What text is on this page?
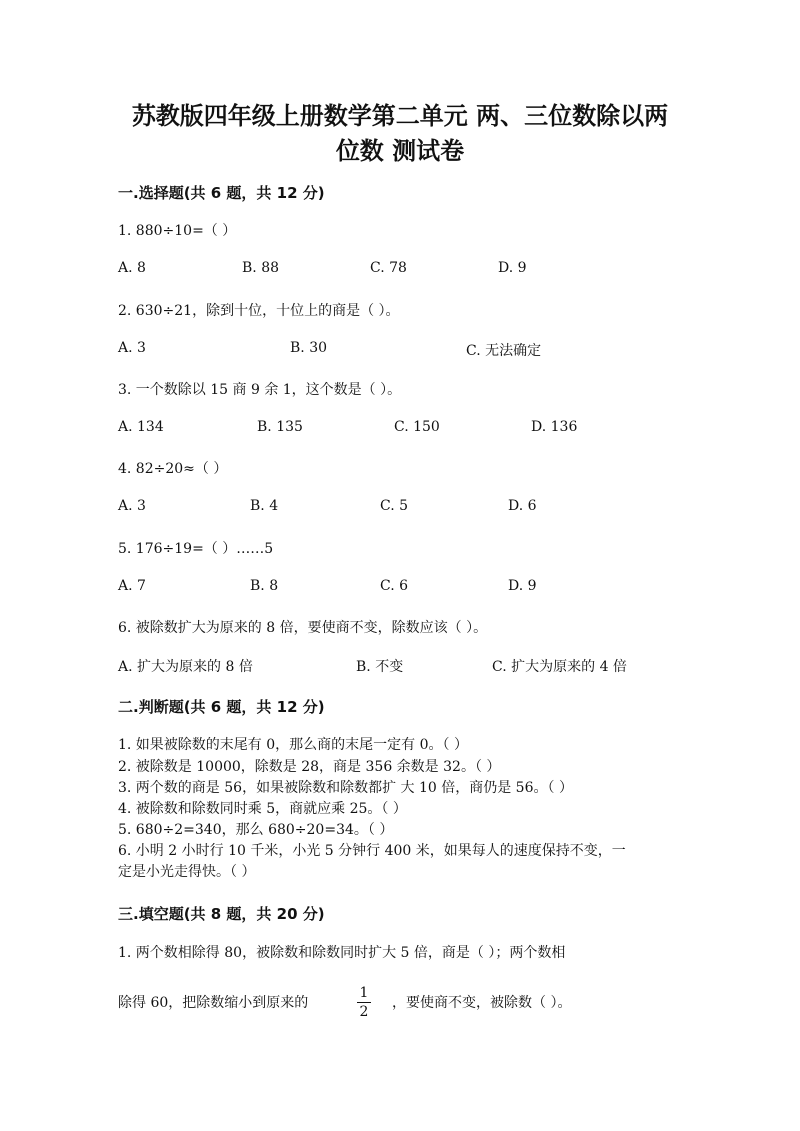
苏教版四年级上册数学第二单元 两、三位数除以两
位数 测试卷
一.选择题(共 6 题，共 12 分)
1. 880÷10=（ ）
A. 8	B. 88	C. 78	D. 9
2. 630÷21，除到十位，十位上的商是（ ）。
A. 3	B. 30	C. 无法确定
3. 一个数除以 15 商 9 余 1，这个数是（ ）。
A. 134	B. 135	C. 150	D. 136
4. 82÷20≈（ ）
A. 3	B. 4	C. 5	D. 6
5. 176÷19=（ ）……5
A. 7	B. 8	C. 6	D. 9
6. 被除数扩大为原来的 8 倍，要使商不变，除数应该（ ）。
A. 扩大为原来的 8 倍	B. 不变	C. 扩大为原来的 4 倍
二.判断题(共 6 题，共 12 分)
1. 如果被除数的末尾有 0，那么商的末尾一定有 0。（ ）
2. 被除数是 10000，除数是 28，商是 356 余数是 32。（ ）
3. 两个数的商是 56，如果被除数和除数都扩 大 10 倍，商仍是 56。（ ）
4. 被除数和除数同时乘 5，商就应乘 25。（ ）
5. 680÷2=340，那么 680÷20=34。（ ）
6. 小明 2 小时行 10 千米，小光 5 分钟行 400 米，如果每人的速度保持不变，一
定是小光走得快。（ ）
三.填空题(共 8 题，共 20 分)
1. 两个数相除得 80，被除数和除数同时扩大 5 倍，商是（ ）；两个数相
除得 60，把除数缩小到原来的
1
2
，要使商不变，被除数（ ）。
